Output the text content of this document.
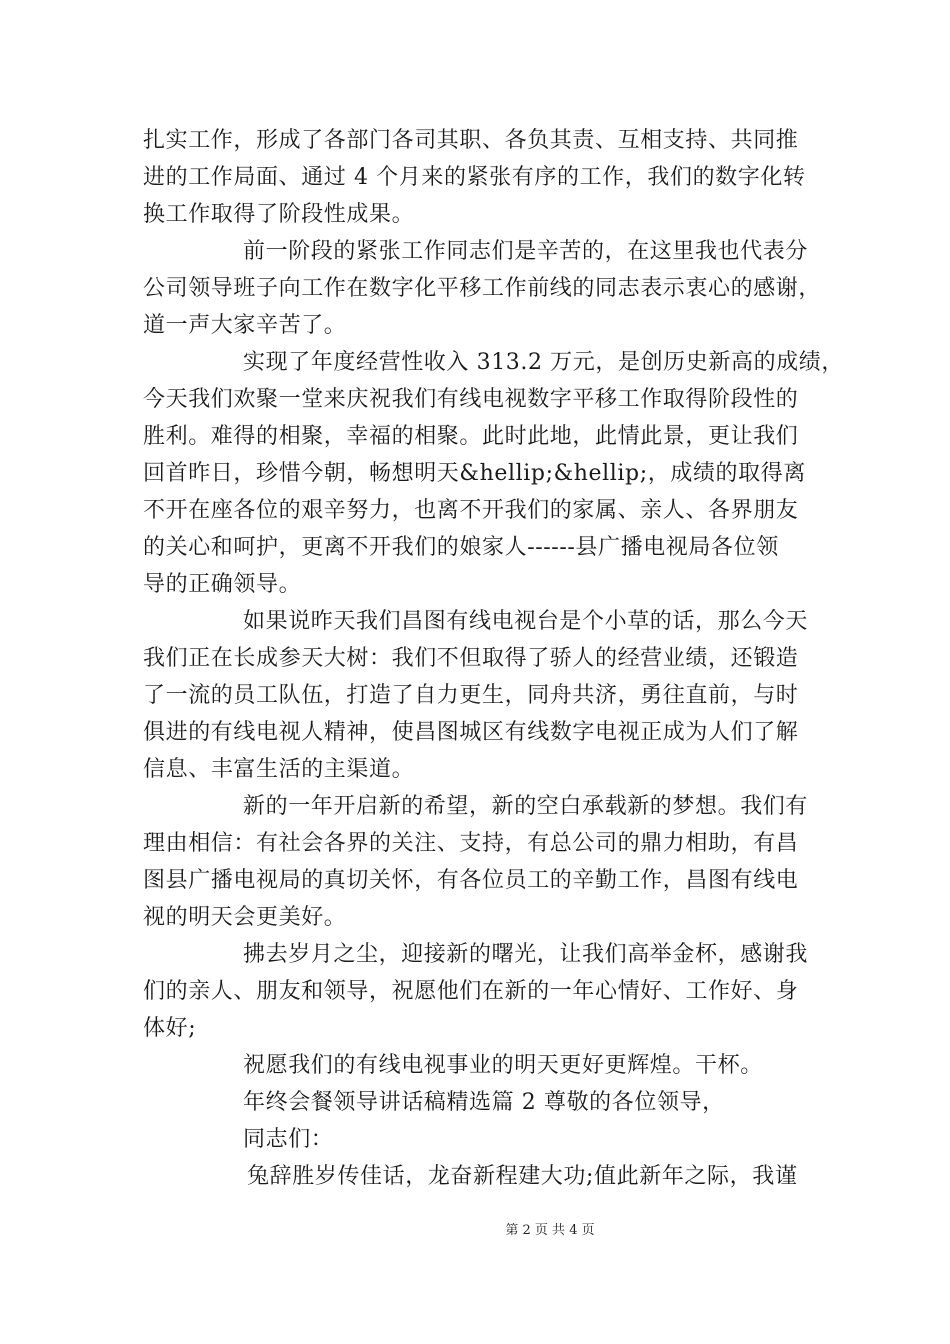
扎实工作，形成了各部门各司其职、各负其责、互相支持、共同推
进的工作局面、通过 4 个月来的紧张有序的工作，我们的数字化转
换工作取得了阶段性成果。
前一阶段的紧张工作同志们是辛苦的，在这里我也代表分
公司领导班子向工作在数字化平移工作前线的同志表示衷心的感谢，
道一声大家辛苦了。
实现了年度经营性收入 313.2 万元，是创历史新高的成绩，
今天我们欢聚一堂来庆祝我们有线电视数字平移工作取得阶段性的
胜利。难得的相聚，幸福的相聚。此时此地，此情此景，更让我们
回首昨日，珍惜今朝，畅想明天&hellip;&hellip;，成绩的取得离
不开在座各位的艰辛努力，也离不开我们的家属、亲人、各界朋友
的关心和呵护，更离不开我们的娘家人------县广播电视局各位领
导的正确领导。
如果说昨天我们昌图有线电视台是个小草的话，那么今天
我们正在长成参天大树：我们不但取得了骄人的经营业绩，还锻造
了一流的员工队伍，打造了自力更生，同舟共济，勇往直前，与时
俱进的有线电视人精神，使昌图城区有线数字电视正成为人们了解
信息、丰富生活的主渠道。
新的一年开启新的希望，新的空白承载新的梦想。我们有
理由相信：有社会各界的关注、支持，有总公司的鼎力相助，有昌
图县广播电视局的真切关怀，有各位员工的辛勤工作，昌图有线电
视的明天会更美好。
拂去岁月之尘，迎接新的曙光，让我们高举金杯，感谢我
们的亲人、朋友和领导，祝愿他们在新的一年心情好、工作好、身
体好;
祝愿我们的有线电视事业的明天更好更辉煌。干杯。
年终会餐领导讲话稿精选篇 2 尊敬的各位领导，
同志们：
兔辞胜岁传佳话，龙奋新程建大功;值此新年之际，我谨
第 2 页 共 4 页
